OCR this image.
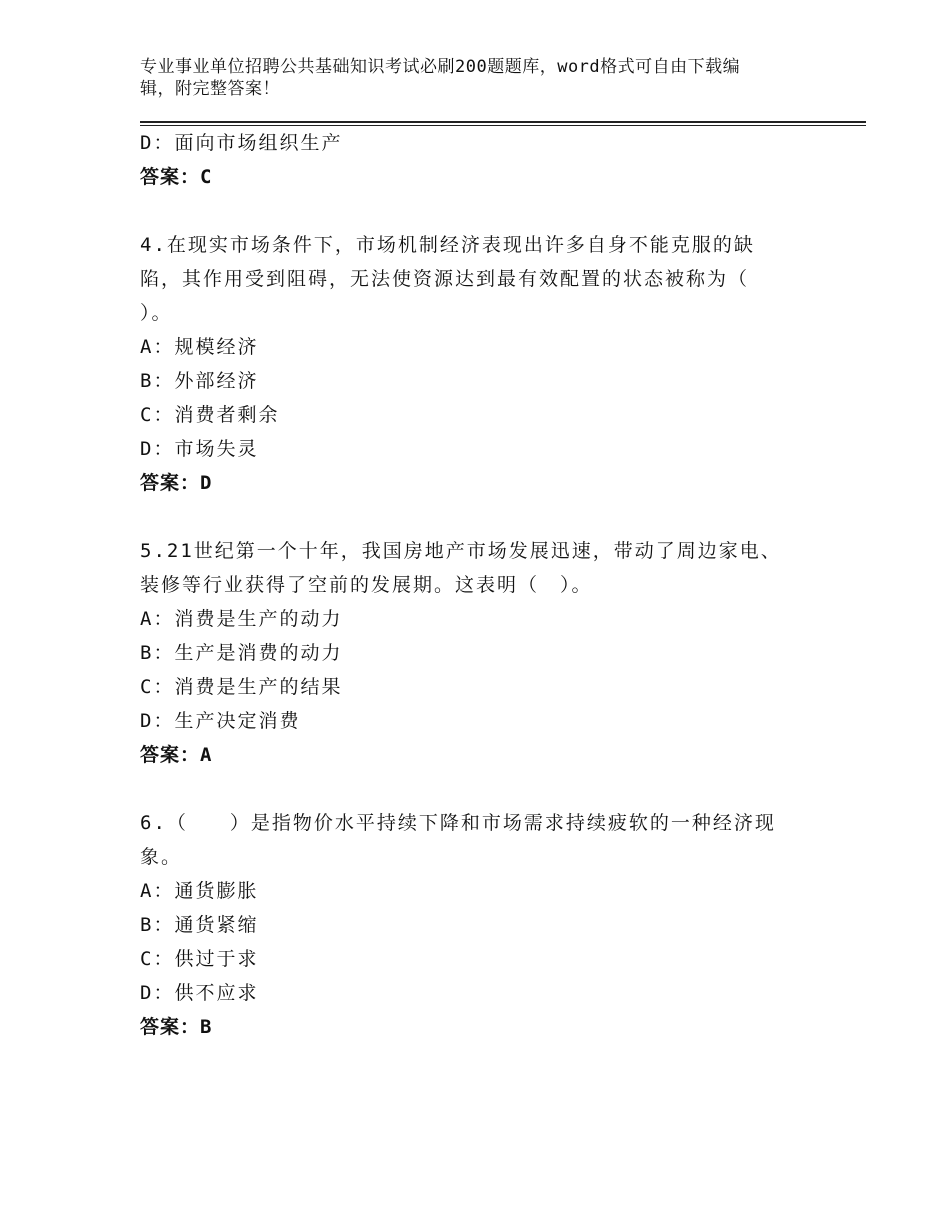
专业事业单位招聘公共基础知识考试必刷200题题库，word格式可自由下载编
辑，附完整答案！
D：面向市场组织生产
答案：C
4.在现实市场条件下，市场机制经济表现出许多自身不能克服的缺
陷，其作用受到阻碍，无法使资源达到最有效配置的状态被称为（
）。
A：规模经济
B：外部经济
C：消费者剩余
D：市场失灵
答案：D
5.21世纪第一个十年，我国房地产市场发展迅速，带动了周边家电、
装修等行业获得了空前的发展期。这表明（　）。
A：消费是生产的动力
B：生产是消费的动力
C：消费是生产的结果
D：生产决定消费
答案：A
6.（　　）是指物价水平持续下降和市场需求持续疲软的一种经济现
象。
A：通货膨胀
B：通货紧缩
C：供过于求
D：供不应求
答案：B
